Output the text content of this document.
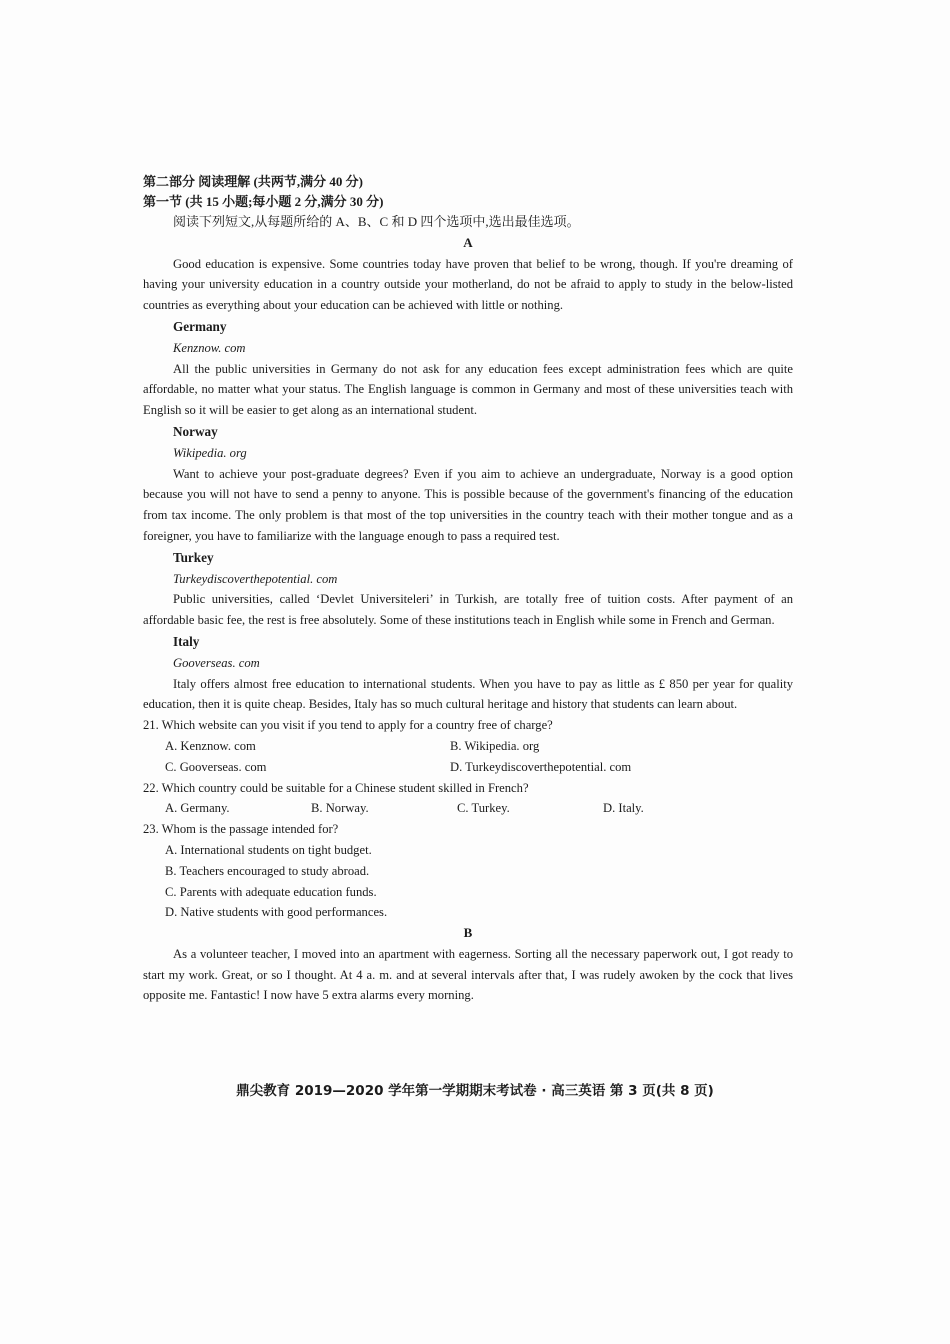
第二部分 阅读理解 (共两节,满分 40 分)
第一节 (共 15 小题;每小题 2 分,满分 30 分)
阅读下列短文,从每题所给的 A、B、C 和 D 四个选项中,选出最佳选项。
A

Good education is expensive. Some countries today have proven that belief to be wrong, though. If you're dreaming of having your university education in a country outside your motherland, do not be afraid to apply to study in the below-listed countries as everything about your education can be achieved with little or nothing.

Germany
Kenznow. com

All the public universities in Germany do not ask for any education fees except administration fees which are quite affordable, no matter what your status. The English language is common in Germany and most of these universities teach with English so it will be easier to get along as an international student.

Norway
Wikipedia. org

Want to achieve your post-graduate degrees? Even if you aim to achieve an undergraduate, Norway is a good option because you will not have to send a penny to anyone. This is possible because of the government's financing of the education from tax income. The only problem is that most of the top universities in the country teach with their mother tongue and as a foreigner, you have to familiarize with the language enough to pass a required test.

Turkey
Turkeydiscoverthepotential. com

Public universities, called ‘Devlet Universiteleri’ in Turkish, are totally free of tuition costs. After payment of an affordable basic fee, the rest is free absolutely. Some of these institutions teach in English while some in French and German.

Italy
Gooverseas. com

Italy offers almost free education to international students. When you have to pay as little as £ 850 per year for quality education, then it is quite cheap. Besides, Italy has so much cultural heritage and history that students can learn about.

21. Which website can you visit if you tend to apply for a country free of charge?
A. Kenznow. com	B. Wikipedia. org
C. Gooverseas. com	D. Turkeydiscoverthepotential. com
22. Which country could be suitable for a Chinese student skilled in French?
A. Germany.	B. Norway.	C. Turkey.	D. Italy.
23. Whom is the passage intended for?
A. International students on tight budget.
B. Teachers encouraged to study abroad.
C. Parents with adequate education funds.
D. Native students with good performances.
B

As a volunteer teacher, I moved into an apartment with eagerness. Sorting all the necessary paperwork out, I got ready to start my work. Great, or so I thought. At 4 a. m. and at several intervals after that, I was rudely awoken by the cock that lives opposite me. Fantastic! I now have 5 extra alarms every morning.

鼎尖教育 2019—2020 学年第一学期期末考试卷 · 高三英语 第 3 页(共 8 页)
